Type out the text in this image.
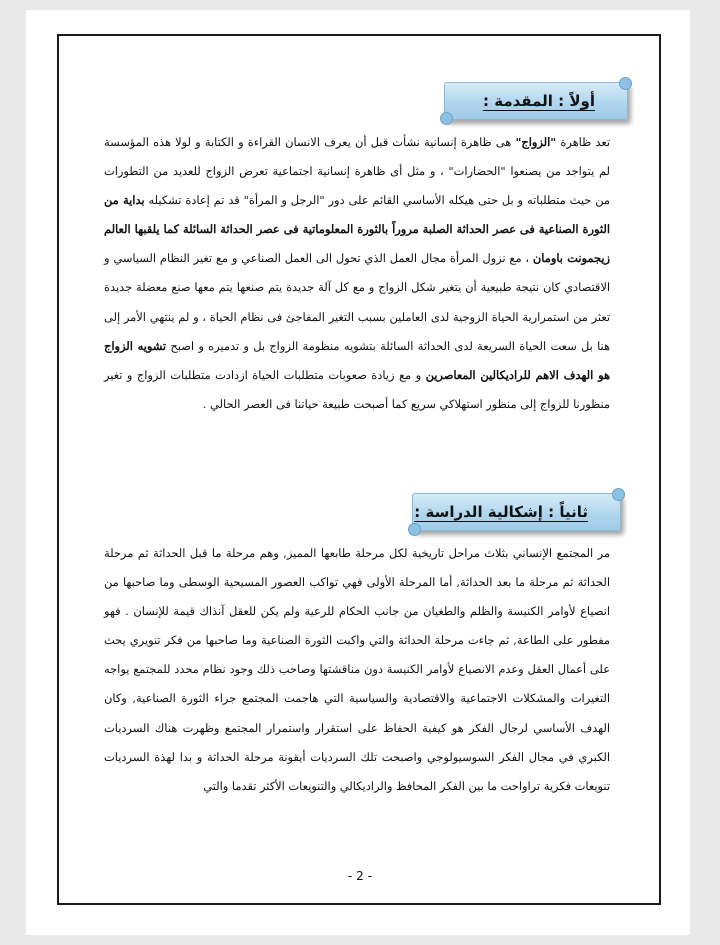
أولاً : المقدمة :

تعد ظاهرة "الزواج" هى ظاهرة إنسانية نشأت قبل أن يعرف الانسان القراءة و الكتابة و لولا هذه المؤسسة لم يتواجد من يصنعوا "الحضارات" ، و مثل أى ظاهرة إنسانية اجتماعية تعرض الزواج للعديد من التطورات من حيث متطلباته و بل حتى هيكله الأساسي القائم على دور "الرجل و المرأة" قد تم إعادة تشكيله بداية من الثورة الصناعية فى عصر الحداثة الصلبة مروراً بالثورة المعلوماتية فى عصر الحداثة السائلة كما يلقبها العالم زيجمونت باومان ، مع نزول المرأة مجال العمل الذي تحول الى العمل الصناعي و مع تغير النظام السياسي و الاقتصادي كان نتيجة طبيعية أن يتغير شكل الزواج و مع كل آلة جديدة يتم صنعها يتم معها صنع معضلة جديدة تعثر من استمرارية الحياة الزوجية لدى العاملين بسبب التغير المفاجئ فى نظام الحياة ، و لم ينتهي الأمر إلى هنا بل سعت الحياة السريعة لدى الحداثة السائلة بتشويه منظومة الزواج بل و تدميره و اصبح تشويه الزواج هو الهدف الاهم للراديكالين المعاصرين و مع زيادة صعوبات متطلبات الحياة ازدادت متطلبات الزواج و تغير منظورنا للزواج إلى منظور استهلاكي سريع كما أصبحت طبيعة حياتنا فى العصر الحالي .

ثانياً : إشكالية الدراسة :

مر المجتمع الإنساني بثلاث مراحل تاريخية لكل مرحلة طابعها المميز, وهم مرحلة ما قبل الحداثة ثم مرحلة الحداثة ثم مرحلة ما بعد الحداثة, أما المرحلة الأولى فهي تواكب العصور المسيحية الوسطى وما صاحبها من انصياع لأوامر الكنيسة والظلم والطغيان من جانب الحكام للرعية ولم يكن للعقل آنذاك قيمة للإنسان . فهو مفطور على الطاعة, ثم جاءت مرحلة الحداثة والتي واكبت الثورة الصناعية وما صاحبها من فكر تنويري يحث على أعمال العقل وعدم الانصياع لأوامر الكنيسة دون مناقشتها وصاحب ذلك وجود نظام محدد للمجتمع يواجه التغيرات والمشكلات الاجتماعية والاقتصادية والسياسية التي هاجمت المجتمع جراء الثورة الصناعية, وكان الهدف الأساسي لرجال الفكر هو كيفية الحفاظ على استقرار واستمرار المجتمع وظهرت هناك السرديات الكبري في مجال الفكر السوسيولوجي واصبحت تلك السرديات أيقونة مرحلة الحداثة و بدا لهذة السرديات تنويعات فكرية تراواحت ما بين الفكر المحافظ والراديكالي والتنويعات الأكثر تقدما والتي

- 2 -
